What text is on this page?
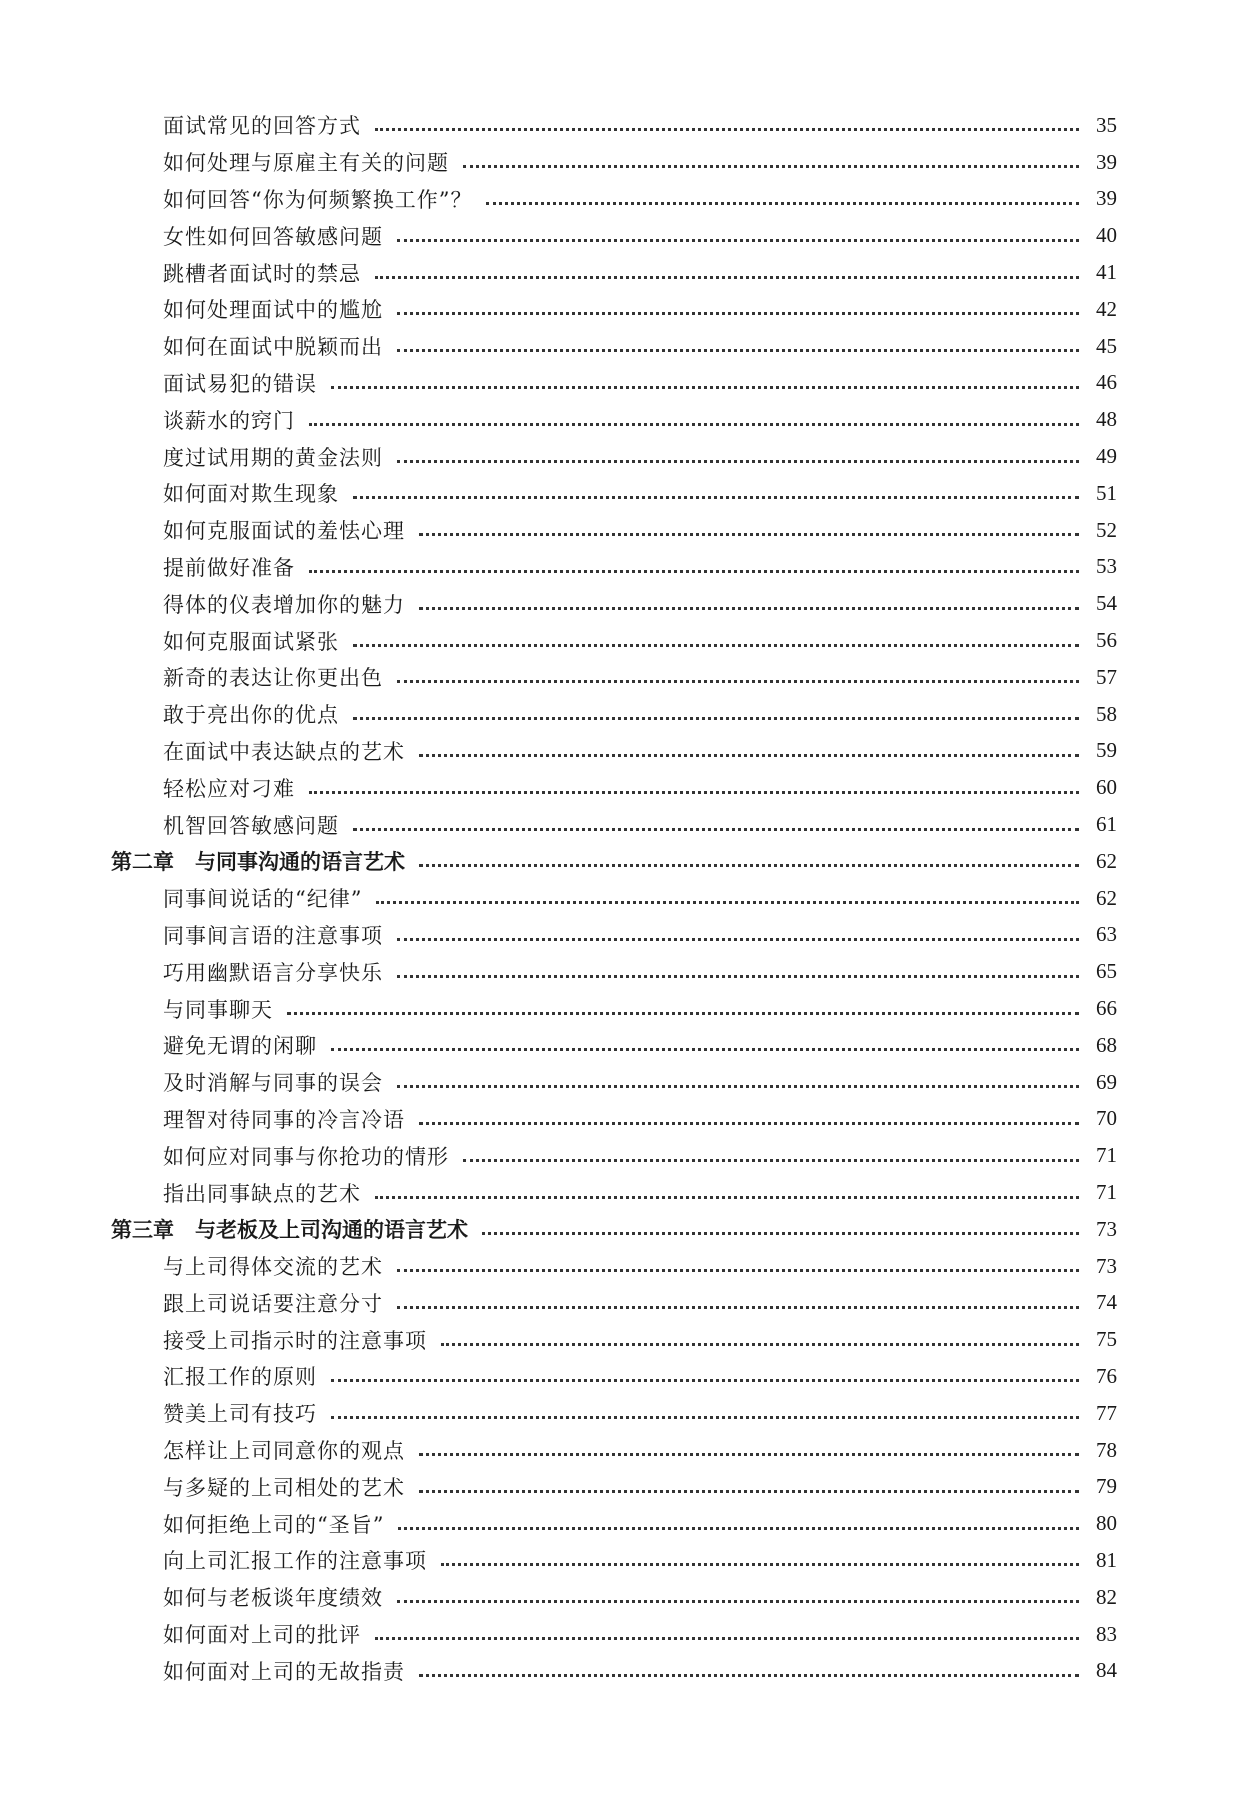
面试常见的回答方式	35
如何处理与原雇主有关的问题	39
如何回答“你为何频繁换工作”？	39
女性如何回答敏感问题	40
跳槽者面试时的禁忌	41
如何处理面试中的尴尬	42
如何在面试中脱颖而出	45
面试易犯的错误	46
谈薪水的窍门	48
度过试用期的黄金法则	49
如何面对欺生现象	51
如何克服面试的羞怯心理	52
提前做好准备	53
得体的仪表增加你的魅力	54
如何克服面试紧张	56
新奇的表达让你更出色	57
敢于亮出你的优点	58
在面试中表达缺点的艺术	59
轻松应对刁难	60
机智回答敏感问题	61
第二章　与同事沟通的语言艺术	62
同事间说话的“纪律”	62
同事间言语的注意事项	63
巧用幽默语言分享快乐	65
与同事聊天	66
避免无谓的闲聊	68
及时消解与同事的误会	69
理智对待同事的冷言冷语	70
如何应对同事与你抢功的情形	71
指出同事缺点的艺术	71
第三章　与老板及上司沟通的语言艺术	73
与上司得体交流的艺术	73
跟上司说话要注意分寸	74
接受上司指示时的注意事项	75
汇报工作的原则	76
赞美上司有技巧	77
怎样让上司同意你的观点	78
与多疑的上司相处的艺术	79
如何拒绝上司的“圣旨”	80
向上司汇报工作的注意事项	81
如何与老板谈年度绩效	82
如何面对上司的批评	83
如何面对上司的无故指责	84
